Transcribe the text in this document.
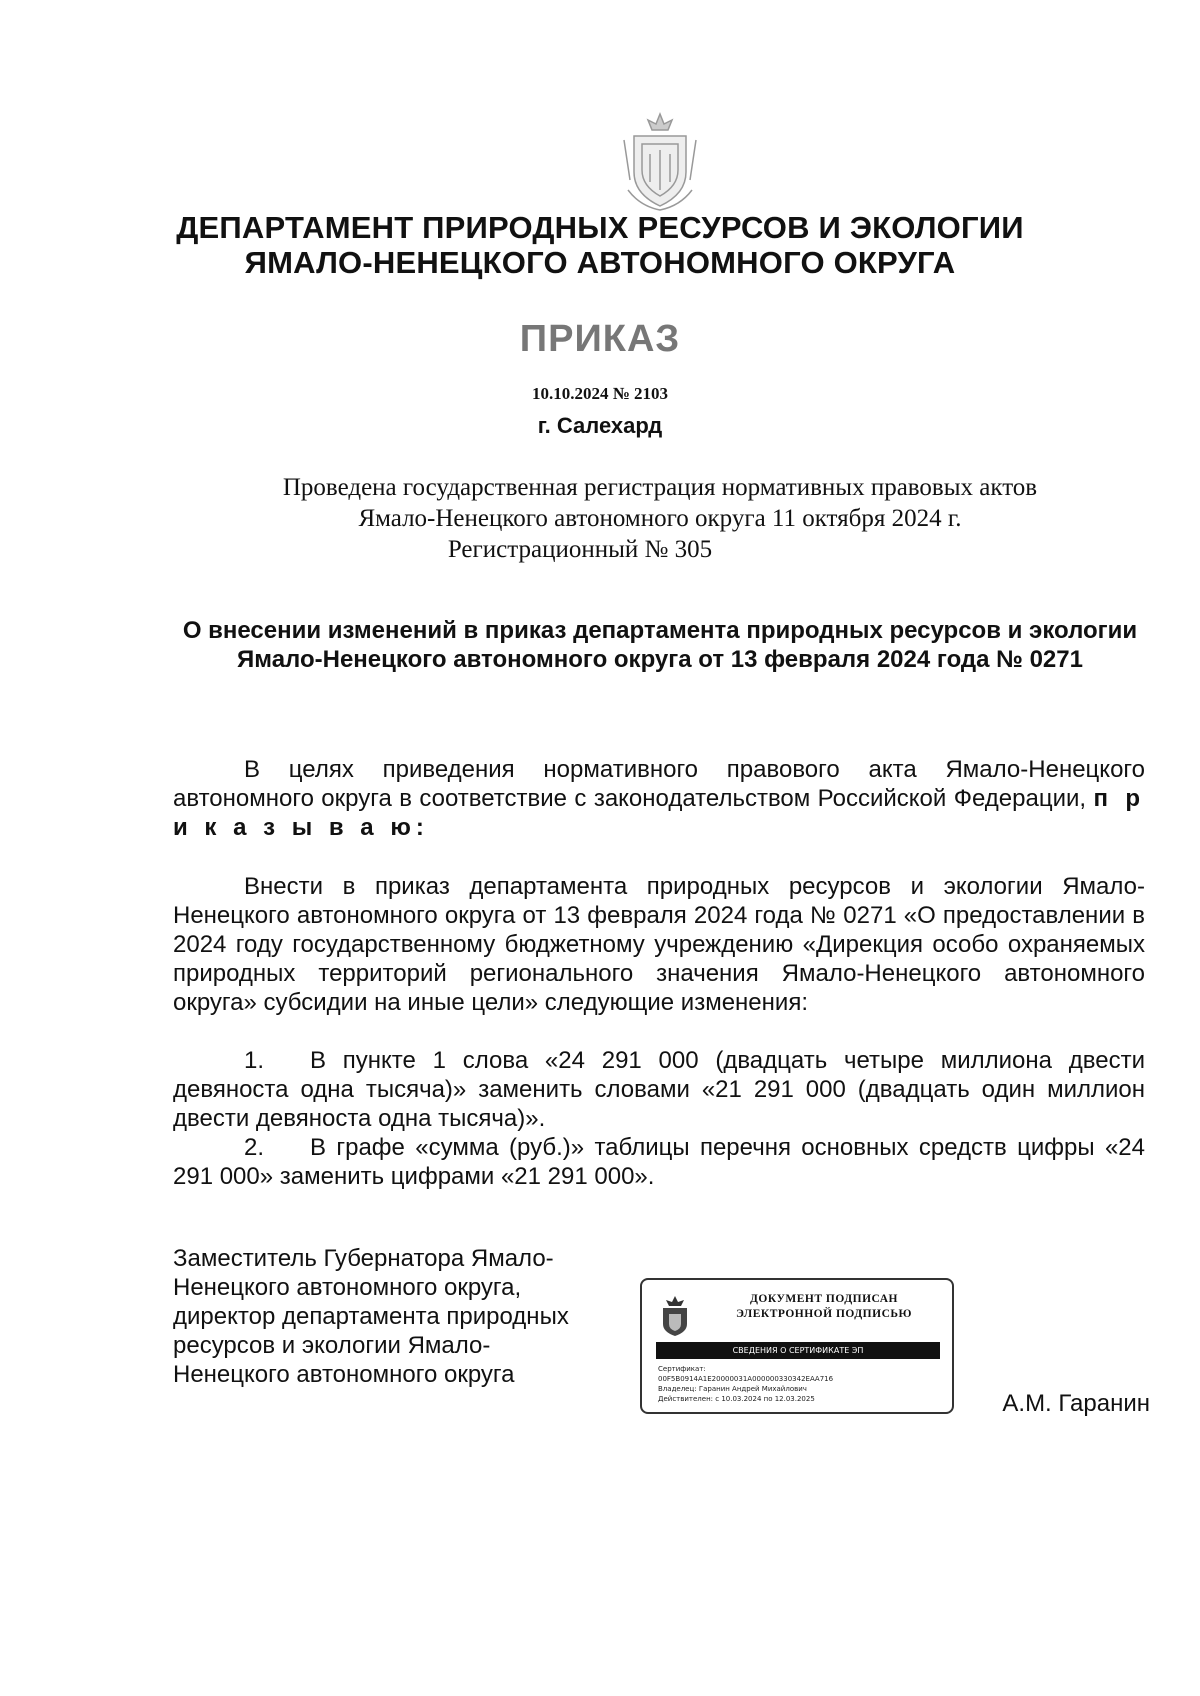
ДЕПАРТАМЕНТ ПРИРОДНЫХ РЕСУРСОВ И ЭКОЛОГИИ
ЯМАЛО-НЕНЕЦКОГО АВТОНОМНОГО ОКРУГА
ПРИКАЗ
10.10.2024 № 2103
г. Салехард
Проведена государственная регистрация нормативных правовых актов
Ямало-Ненецкого автономного округа 11 октября 2024 г.
Регистрационный № 305
О внесении изменений в приказ департамента природных ресурсов и экологии Ямало-Ненецкого автономного округа от 13 февраля 2024 года № 0271
В целях приведения нормативного правового акта Ямало-Ненецкого автономного округа в соответствие с законодательством Российской Федерации, п р и к а з ы в а ю:
Внести в приказ департамента природных ресурсов и экологии Ямало-Ненецкого автономного округа от 13 февраля 2024 года № 0271 «О предоставлении в 2024 году государственному бюджетному учреждению «Дирекция особо охраняемых природных территорий регионального значения Ямало-Ненецкого автономного округа» субсидии на иные цели» следующие изменения:
1. В пункте 1 слова «24 291 000 (двадцать четыре миллиона двести девяноста одна тысяча)» заменить словами «21 291 000 (двадцать один миллион двести девяноста одна тысяча)».
2. В графе «сумма (руб.)» таблицы перечня основных средств цифры «24 291 000» заменить цифрами «21 291 000».
Заместитель Губернатора Ямало-Ненецкого автономного округа, директор департамента природных ресурсов и экологии Ямало-Ненецкого автономного округа
ДОКУМЕНТ ПОДПИСАН ЭЛЕКТРОННОЙ ПОДПИСЬЮ
СВЕДЕНИЯ О СЕРТИФИКАТЕ ЭП
Сертификат:
00F5B0914A1E20000031A000000330342EAA716
Владелец: Гаранин Андрей Михайлович
Действителен: с 10.03.2024 по 12.03.2025	А.М. Гаранин
